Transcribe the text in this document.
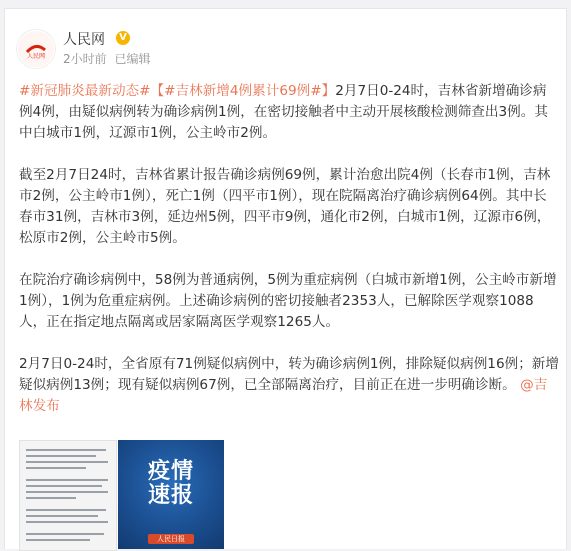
人民网
人民网	V
2小时前 已编辑

#新冠肺炎最新动态#【#吉林新增4例累计69例#】2月7日0-24时，吉林省新增确诊病例4例，由疑似病例转为确诊病例1例，在密切接触者中主动开展核酸检测筛查出3例。其中白城市1例，辽源市1例，公主岭市2例。

截至2月7日24时，吉林省累计报告确诊病例69例，累计治愈出院4例（长春市1例，吉林市2例，公主岭市1例），死亡1例（四平市1例），现在院隔离治疗确诊病例64例。其中长春市31例，吉林市3例，延边州5例，四平市9例，通化市2例，白城市1例，辽源市6例，松原市2例，公主岭市5例。

在院治疗确诊病例中，58例为普通病例，5例为重症病例（白城市新增1例，公主岭市新增1例），1例为危重症病例。上述确诊病例的密切接触者2353人，已解除医学观察1088人，正在指定地点隔离或居家隔离医学观察1265人。

2月7日0-24时，全省原有71例疑似病例中，转为确诊病例1例，排除疑似病例16例；新增疑似病例13例；现有疑似病例67例，已全部隔离治疗，目前正在进一步明确诊断。 @吉林发布

疫情
速报
人民日报
